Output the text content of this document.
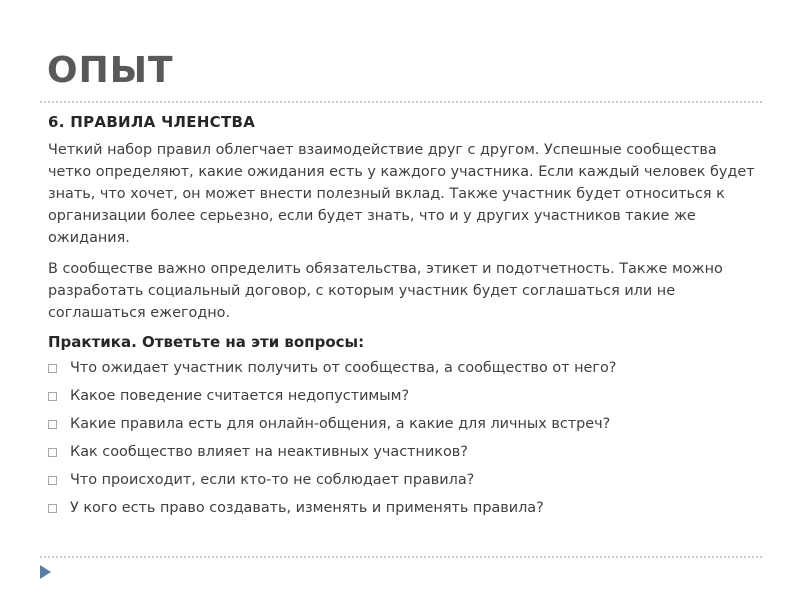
ОПЫТ
6. ПРАВИЛА ЧЛЕНСТВА

Четкий набор правил облегчает взаимодействие друг с другом. Успешные сообщества четко определяют, какие ожидания есть у каждого участника. Если каждый человек будет знать, что хочет, он может внести полезный вклад. Также участник будет относиться к организации более серьезно, если будет знать, что и у других участников такие же ожидания.

В сообществе важно определить обязательства, этикет и подотчетность. Также можно разработать социальный договор, с которым участник будет соглашаться или не соглашаться ежегодно.

Практика. Ответьте на эти вопросы:
Что ожидает участник получить от сообщества, а сообщество от него?
Какое поведение считается недопустимым?
Какие правила есть для онлайн-общения, а какие для личных встреч?
Как сообщество влияет на неактивных участников?
Что происходит, если кто-то не соблюдает правила?
У кого есть право создавать, изменять и применять правила?
